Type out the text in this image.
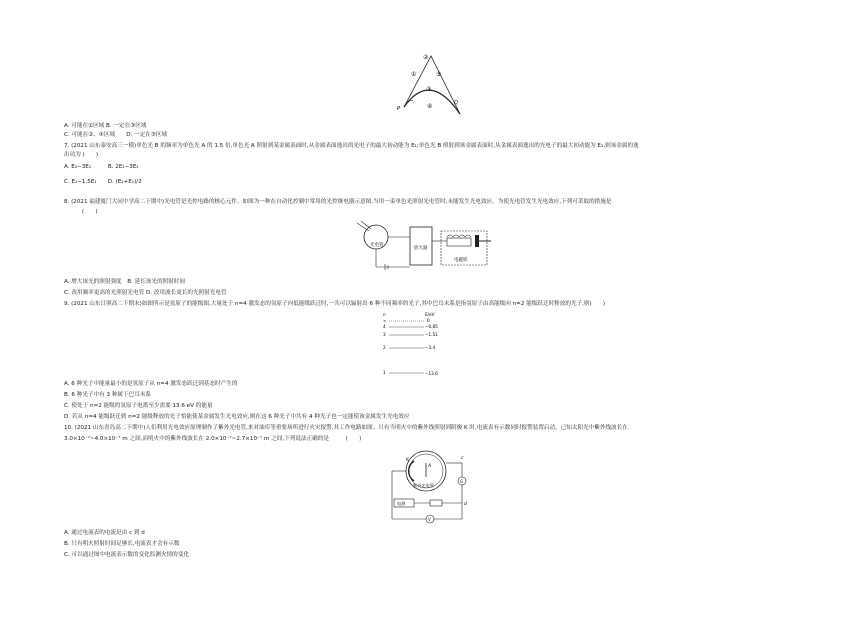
②
①	⑤
③
④	Q
P
A. 可能在①区域 B. 一定在③区域
C. 可能在②、④区域　　D. 一定在⑤区域
7. (2021 山东泰安高三一模)单色光 B 的频率为单色光 A 的 1.5 倍,单色光 A 照射到某金属表面时,从金属表面逸出的光电子的最大初动能为 E₁;单色光 B 照射到该金属表面时,从金属表面逸出的光电子的最大初动能为 E₂,则该金属的逸
出功为 (　　)
A. E₂−3E₁　　　B. 2E₁−3E₂
C. E₂−1.5E₁　　D. (E₂+E₁)/2
8. (2021 福建厦门大同中学高二下期中)光电管是光控电路的核心元件。如图为一种在自动化控制中常用的光控继电器示意图,当用一束单色光照射光电管时,未能发生光电效应。为使光电管发生光电效应,下列可采取的措施是
(　　)
光电管
放大器
电磁铁
A. 增大该光的照射强度　B. 延长该光的照射时间
C. 改用频率更高的光照射光电管 D. 改用波长更长的光照射光电管
9. (2021 山东日照高二下期末)如图所示是氢原子的能级图,大量处于 n=4 激发态的氢原子向低能级跃迁时,一共可以辐射出 6 种不同频率的光子,其中巴耳末系是指氢原子由高能级向 n=2 能级跃迁时释放的光子,则(　　)
n	E/eV
∞	0
4	−0.85
3	−1.51
2	−3.4
1	−13.6
A. 6 种光子中能量最小的是氢原子从 n=4 激发态跃迁到基态时产生的
B. 6 种光子中有 3 种属于巴耳末系
C. 使处于 n=2 能级的氢原子电离至少需要 13.6 eV 的能量
D. 若从 n=4 能级跃迁到 n=2 能级释放的光子恰能使某金属发生光电效应,则在这 6 种光子中共有 4 种光子也一定能使该金属发生光电效应
10. (2021 山东青岛高二下期中)人们利用光电效应原理制作了紫外光电管,来对油库等重要场所进行火灾报警,其工作电路如图。只有当明火中的紫外线照射到阴极 K 时,电流表有示数同时报警装置启动。已知太阳光中紫外线波长在
3.0×10⁻⁷~4.0×10⁻⁷ m 之间,而明火中的紫外线波长在 2.0×10⁻⁷~2.7×10⁻⁷ m 之间,下列说法正确的是　　　(　　)
K
A
c
紫外光电管
G
电源	d
V
A. 通过电流表的电流是由 c 到 d
B. 只有明火照射时间足够长,电流表才会有示数
C. 可以通过图中电流表示数的变化监测火情的变化
